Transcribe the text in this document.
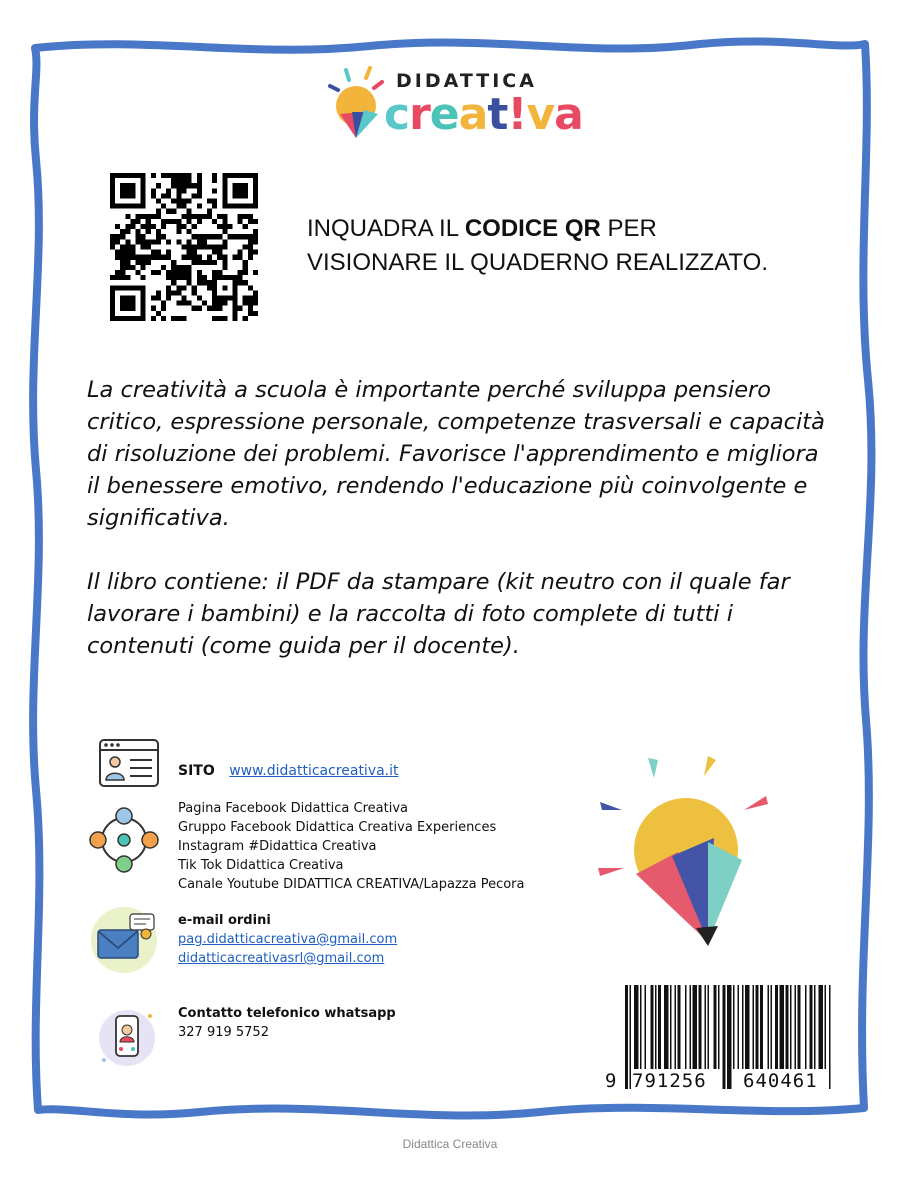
DIDATTICA
creat!va
INQUADRA IL CODICE QR PER
VISIONARE IL QUADERNO REALIZZATO.

La creatività a scuola è importante perché sviluppa pensiero critico, espressione personale, competenze trasversali e capacità di risoluzione dei problemi. Favorisce l'apprendimento e migliora il benessere emotivo, rendendo l'educazione più coinvolgente e significativa.

Il libro contiene: il PDF da stampare (kit neutro con il quale far lavorare i bambini) e la raccolta di foto complete di tutti i contenuti (come guida per il docente).

SITO www.didatticacreativa.it
Pagina Facebook Didattica Creativa
Gruppo Facebook Didattica Creativa Experiences
Instagram #Didattica Creativa
Tik Tok Didattica Creativa
Canale Youtube DIDATTICA CREATIVA/Lapazza Pecora
e-mail ordini
pag.didatticacreativa@gmail.com
didatticacreativasrl@gmail.com
Contatto telefonico whatsapp
327 919 5752
9 791256 640461
Didattica Creativa
